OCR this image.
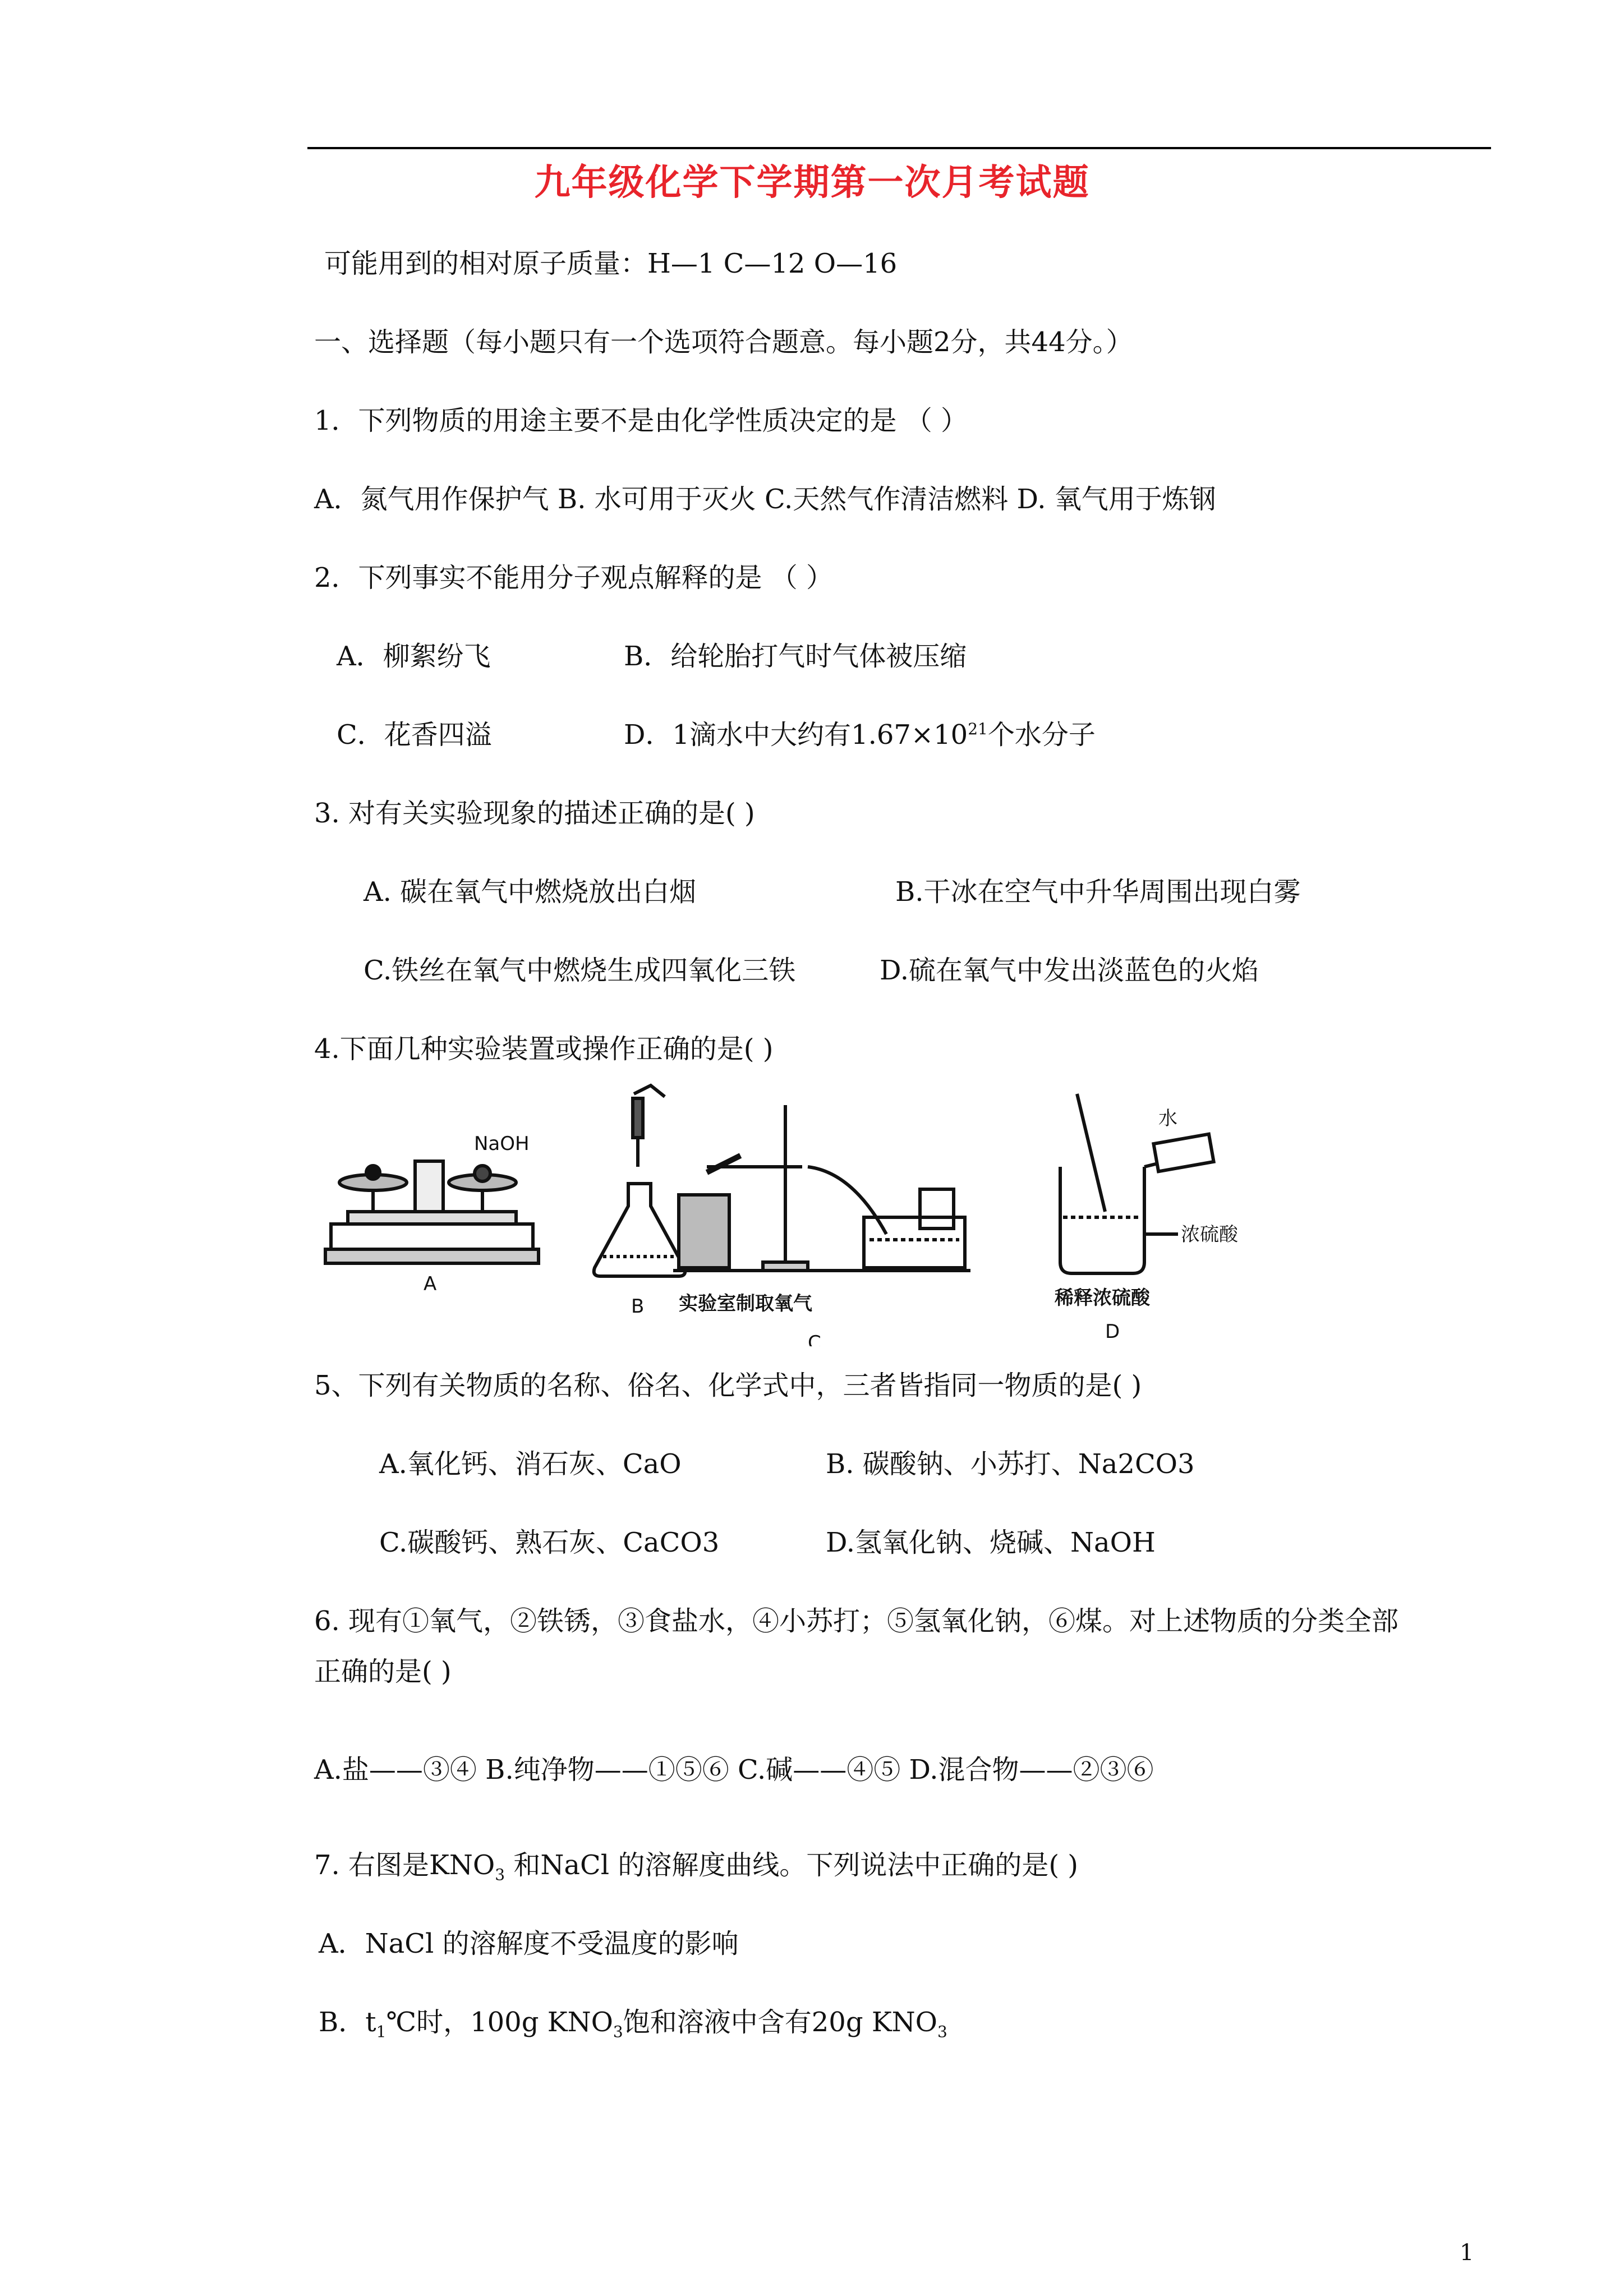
九年级化学下学期第一次月考试题
可能用到的相对原子质量：H—1 C—12 O—16
一、选择题（每小题只有一个选项符合题意。每小题2分，共44分。）
1．下列物质的用途主要不是由化学性质决定的是 （ ）
A．氮气用作保护气 B. 水可用于灭火 C.天然气作清洁燃料 D. 氧气用于炼钢
2．下列事实不能用分子观点解释的是 （ ）
A．柳絮纷飞	B．给轮胎打气时气体被压缩
C．花香四溢	D．1滴水中大约有$1.67\times 10^{21}$个水分子
3. 对有关实验现象的描述正确的是( )
A. 碳在氧气中燃烧放出白烟	B.干冰在空气中升华周围出现白雾
C.铁丝在氧气中燃烧生成四氧化三铁	D.硫在氧气中发出淡蓝色的火焰
4.下面几种实验装置或操作正确的是( )
NaOH
A
B 实验室制取氧气
C
水
浓硫酸
稀释浓硫酸
D
5、下列有关物质的名称、俗名、化学式中，三者皆指同一物质的是( )
A.氧化钙、消石灰、CaO	B. 碳酸钠、小苏打、Na2CO3
C.碳酸钙、熟石灰、CaCO3	D.氢氧化钠、烧碱、NaOH
6. 现有①氧气，②铁锈，③食盐水，④小苏打；⑤氢氧化钠，⑥煤。对上述物质的分类全部
正确的是( )
A.盐——③④ B.纯净物——①⑤⑥ C.碱——④⑤ D.混合物——②③⑥
7. 右图是$KNO_3$ 和NaCl 的溶解度曲线。下列说法中正确的是( )
A．NaCl 的溶解度不受温度的影响
B．$t_1℃$时，100g $KNO_3$饱和溶液中含有20g $KNO_3$
1
